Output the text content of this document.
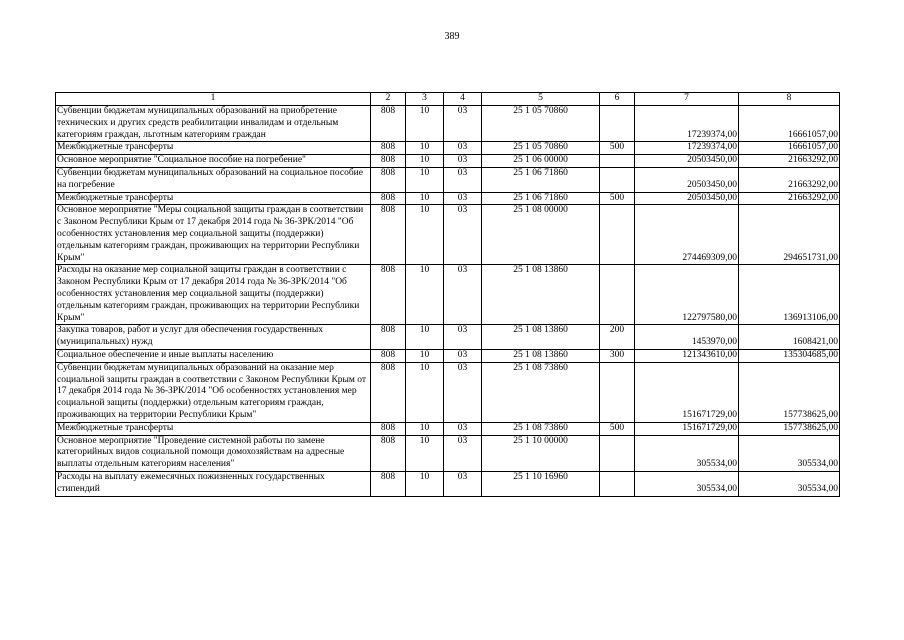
389
1	2	3	4	5	6	7	8
Субвенции бюджетам муниципальных образований на приобретение технических и других средств реабилитации инвалидам и отдельным категориям граждан, льготным категориям граждан	808	10	03	25 1 05 70860		17239374,00	16661057,00
Межбюджетные трансферты	808	10	03	25 1 05 70860	500	17239374,00	16661057,00
Основное мероприятие "Социальное пособие на погребение"	808	10	03	25 1 06 00000		20503450,00	21663292,00
Субвенции бюджетам муниципальных образований на социальное пособие на погребение	808	10	03	25 1 06 71860		20503450,00	21663292,00
Межбюджетные трансферты	808	10	03	25 1 06 71860	500	20503450,00	21663292,00
Основное мероприятие "Меры социальной защиты граждан в соответствии с Законом Республики Крым от 17 декабря 2014 года № 36-ЗРК/2014 "Об особенностях установления мер социальной защиты (поддержки) отдельным категориям граждан, проживающих на территории Республики Крым"	808	10	03	25 1 08 00000		274469309,00	294651731,00
Расходы на оказание мер социальной защиты граждан в соответствии с Законом Республики Крым от 17 декабря 2014 года № 36-ЗРК/2014 "Об особенностях установления мер социальной защиты (поддержки) отдельным категориям граждан, проживающих на территории Республики Крым"	808	10	03	25 1 08 13860		122797580,00	136913106,00
Закупка товаров, работ и услуг для обеспечения государственных (муниципальных) нужд	808	10	03	25 1 08 13860	200	1453970,00	1608421,00
Социальное обеспечение и иные выплаты населению	808	10	03	25 1 08 13860	300	121343610,00	135304685,00
Субвенции бюджетам муниципальных образований на оказание мер социальной защиты граждан в соответствии с Законом Республики Крым от 17 декабря 2014 года № 36-ЗРК/2014 "Об особенностях установления мер социальной защиты (поддержки) отдельным категориям граждан, проживающих на территории Республики Крым"	808	10	03	25 1 08 73860		151671729,00	157738625,00
Межбюджетные трансферты	808	10	03	25 1 08 73860	500	151671729,00	157738625,00
Основное мероприятие "Проведение системной работы по замене категорийных видов социальной помощи домохозяйствам на адресные выплаты отдельным категориям населения"	808	10	03	25 1 10 00000		305534,00	305534,00
Расходы на выплату ежемесячных пожизненных государственных стипендий	808	10	03	25 1 10 16960		305534,00	305534,00
